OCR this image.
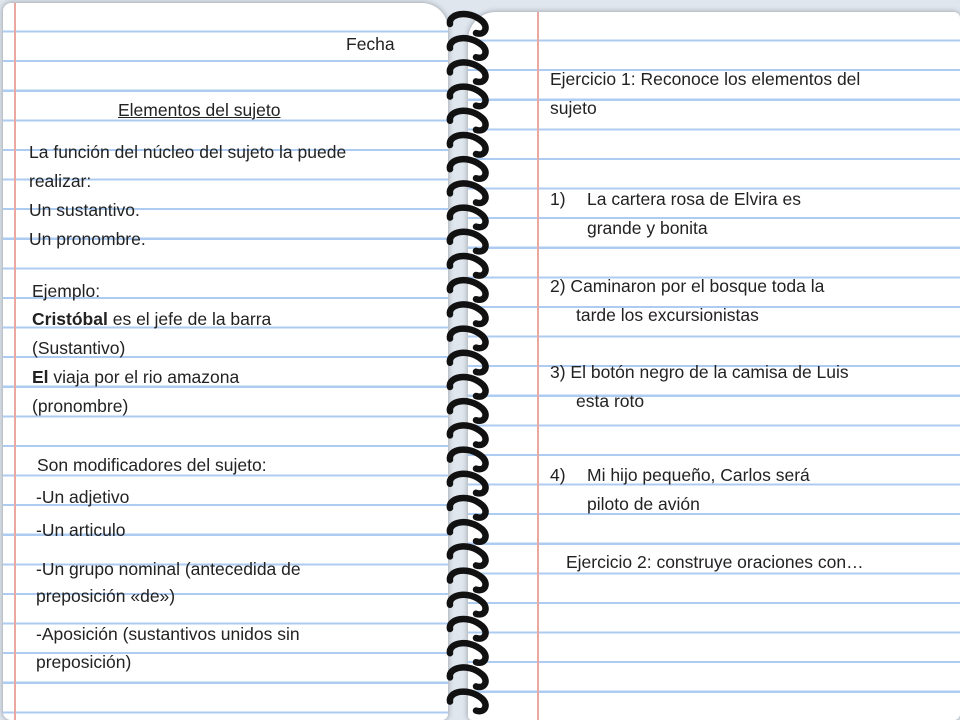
Fecha
Elementos del sujeto
La función del núcleo del sujeto la puede
realizar:
Un sustantivo.
Un pronombre.
Ejemplo:
Cristóbal es el jefe de la barra
(Sustantivo)
El viaja por el rio amazona
(pronombre)
Son modificadores del sujeto:
-Un adjetivo
-Un articulo
-Un grupo nominal (antecedida de
preposición «de»)
-Aposición (sustantivos unidos sin
preposición)
Ejercicio 1: Reconoce los elementos del
sujeto
1) La cartera rosa de Elvira es
grande y bonita
2) Caminaron por el bosque toda la
tarde los excursionistas
3) El botón negro de la camisa de Luis
esta roto
4) Mi hijo pequeño, Carlos será
piloto de avión
Ejercicio 2: construye oraciones con…
